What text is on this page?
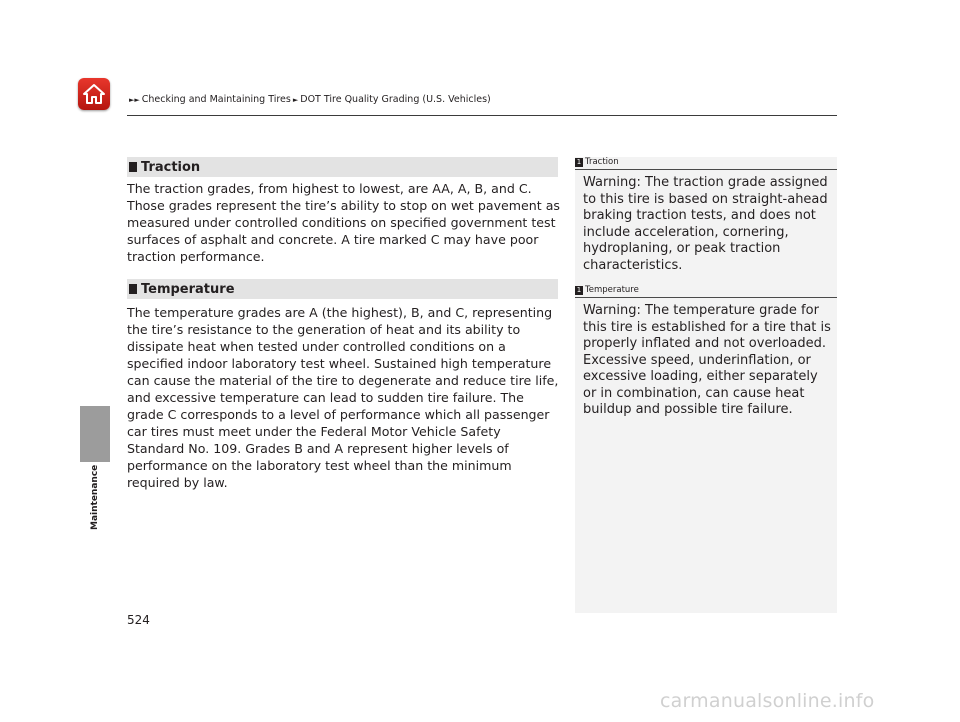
►► Checking and Maintaining Tires ► DOT Tire Quality Grading (U.S. Vehicles)
Maintenance
Traction

The traction grades, from highest to lowest, are AA, A, B, and C. Those grades represent the tire’s ability to stop on wet pavement as measured under controlled conditions on specified government test surfaces of asphalt and concrete. A tire marked C may have poor traction performance.

Temperature

The temperature grades are A (the highest), B, and C, representing the tire’s resistance to the generation of heat and its ability to dissipate heat when tested under controlled conditions on a specified indoor laboratory test wheel. Sustained high temperature can cause the material of the tire to degenerate and reduce tire life, and excessive temperature can lead to sudden tire failure. The grade C corresponds to a level of performance which all passenger car tires must meet under the Federal Motor Vehicle Safety Standard No. 109. Grades B and A represent higher levels of performance on the laboratory test wheel than the minimum required by law.

1 Traction

Warning: The traction grade assigned to this tire is based on straight-ahead braking traction tests, and does not include acceleration, cornering, hydroplaning, or peak traction characteristics.

1 Temperature

Warning: The temperature grade for this tire is established for a tire that is properly inflated and not overloaded. Excessive speed, underinflation, or excessive loading, either separately or in combination, can cause heat buildup and possible tire failure.

524
carmanualsonline.info
